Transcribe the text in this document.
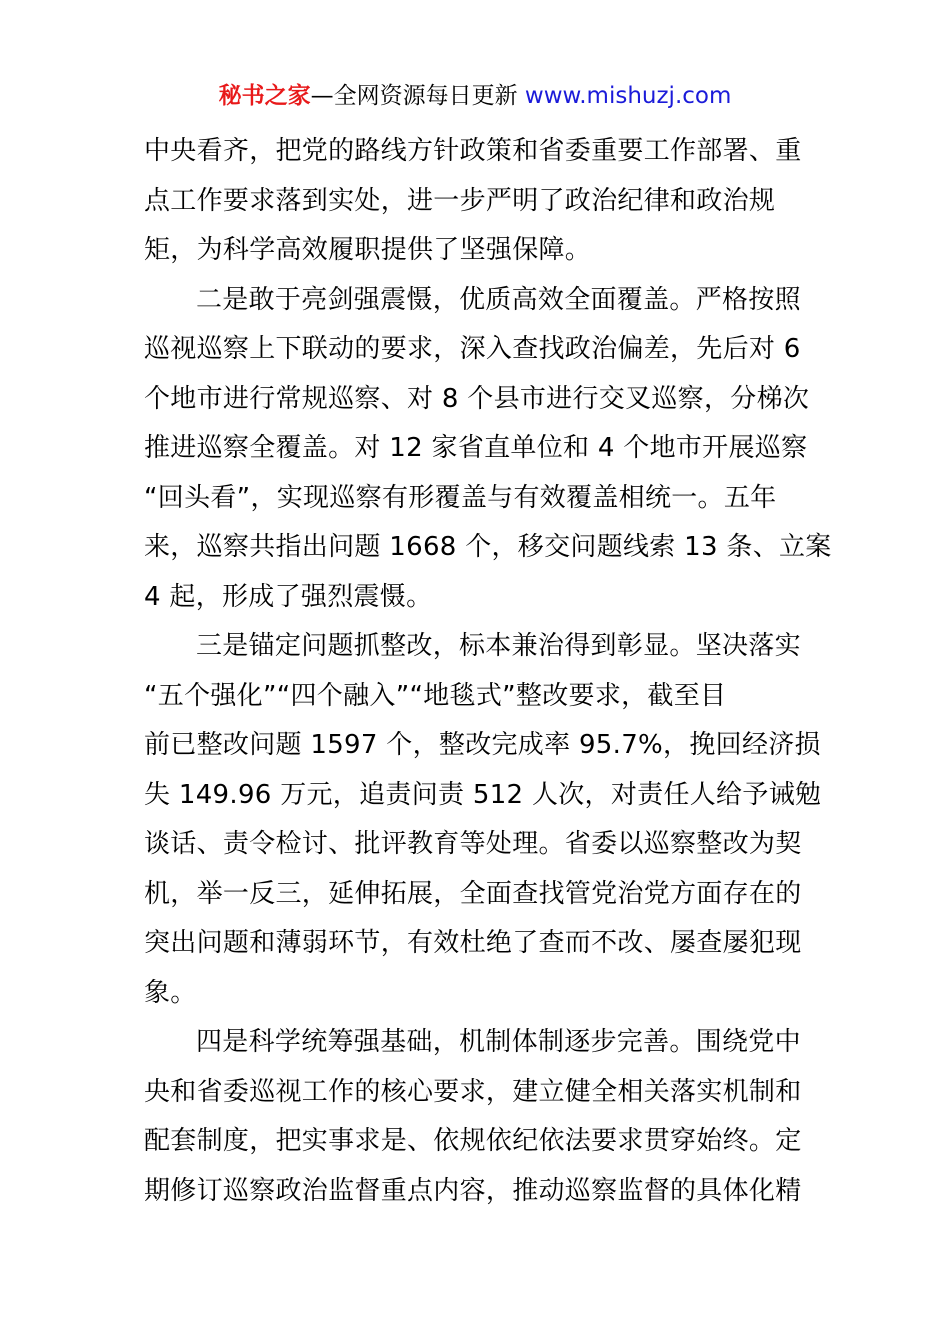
秘书之家—全网资源每日更新 www.mishuzj.com
中央看齐，把党的路线方针政策和省委重要工作部署、重
点工作要求落到实处，进一步严明了政治纪律和政治规
矩，为科学高效履职提供了坚强保障。
二是敢于亮剑强震慑，优质高效全面覆盖。严格按照
巡视巡察上下联动的要求，深入查找政治偏差，先后对 6
个地市进行常规巡察、对 8 个县市进行交叉巡察，分梯次
推进巡察全覆盖。对 12 家省直单位和 4 个地市开展巡察
“回头看”，实现巡察有形覆盖与有效覆盖相统一。五年
来，巡察共指出问题 1668 个，移交问题线索 13 条、立案
4 起，形成了强烈震慑。
三是锚定问题抓整改，标本兼治得到彰显。坚决落实
“五个强化”“四个融入”“地毯式”整改要求，截至目
前已整改问题 1597 个，整改完成率 95.7%，挽回经济损
失 149.96 万元，追责问责 512 人次，对责任人给予诫勉
谈话、责令检讨、批评教育等处理。省委以巡察整改为契
机，举一反三，延伸拓展，全面查找管党治党方面存在的
突出问题和薄弱环节，有效杜绝了查而不改、屡查屡犯现
象。
四是科学统筹强基础，机制体制逐步完善。围绕党中
央和省委巡视工作的核心要求，建立健全相关落实机制和
配套制度，把实事求是、依规依纪依法要求贯穿始终。定
期修订巡察政治监督重点内容，推动巡察监督的具体化精
